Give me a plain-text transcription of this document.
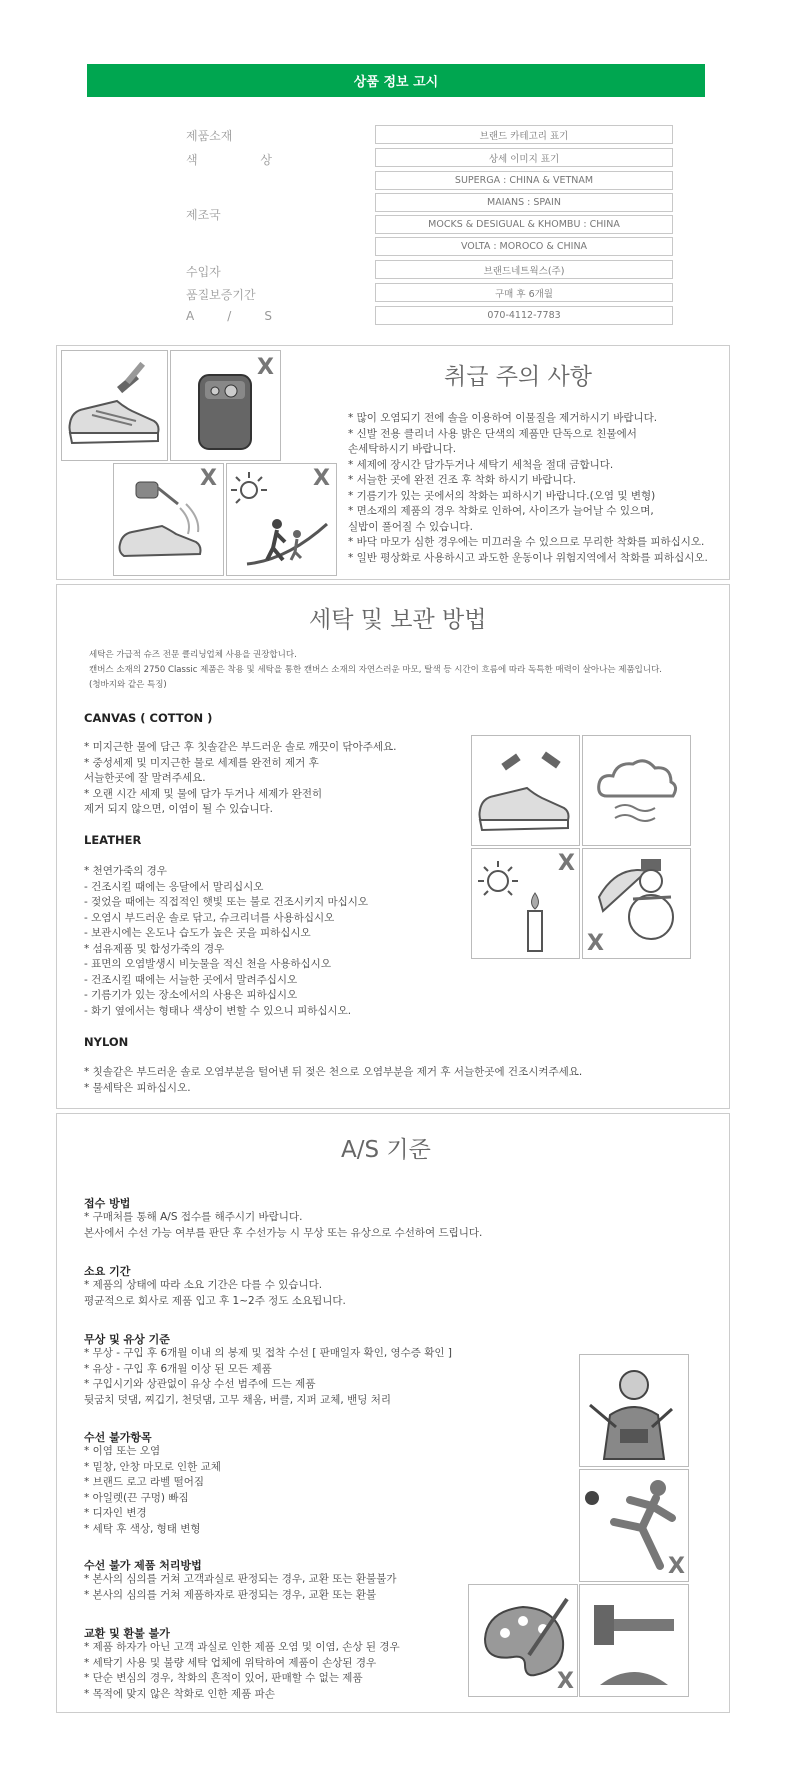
상품 정보 고시
제품소재	브랜드 카테고리 표기
색 상	상세 이미지 표기
제조국
SUPERGA : CHINA & VETNAM
MAIANS : SPAIN
MOCKS & DESIGUAL & KHOMBU : CHINA
VOLTA : MOROCO & CHINA
수입자	브랜드네트웍스(주)
품질보증기간	구매 후 6개월
A / S	070-4112-7783
X
X	X
취급 주의 사항
* 많이 오염되기 전에 솔을 이용하여 이물질을 제거하시기 바랍니다.
* 신발 전용 클리너 사용 밝은 단색의 제품만 단독으로 친물에서
손세탁하시기 바랍니다.
* 세제에 장시간 담가두거나 세탁기 세척을 절대 금합니다.
* 서늘한 곳에 완전 건조 후 착화 하시기 바랍니다.
* 기름기가 있는 곳에서의 착화는 피하시기 바랍니다.(오염 및 변형)
* 면소재의 제품의 경우 착화로 인하여, 사이즈가 늘어날 수 있으며,
실밥이 풀어질 수 있습니다.
* 바닥 마모가 심한 경우에는 미끄러울 수 있으므로 무리한 착화를 피하십시오.
* 일반 평상화로 사용하시고 과도한 운동이나 위험지역에서 착화를 피하십시오.
세탁 및 보관 방법
세탁은 가급적 슈즈 전문 클리닝업체 사용을 권장합니다.
캔버스 소재의 2750 Classic 제품은 착용 및 세탁을 통한 캔버스 소재의 자연스러운 마모, 탈색 등 시간이 흐름에 따라 독특한 매력이 살아나는 제품입니다.
(청바지와 같은 특징)
CANVAS ( COTTON )
* 미지근한 물에 담근 후 칫솔같은 부드러운 솔로 깨끗이 닦아주세요.
* 중성세제 및 미지근한 물로 세제를 완전히 제거 후
서늘한곳에 잘 말려주세요.
* 오랜 시간 세제 및 물에 담가 두거나 세제가 완전히
제거 되지 않으면, 이염이 될 수 있습니다.
LEATHER
* 천연가죽의 경우
- 건조시킬 때에는 응달에서 말리십시오
- 젖었을 때에는 직접적인 햇빛 또는 불로 건조시키지 마십시오
- 오염시 부드러운 솔로 닦고, 슈크리너를 사용하십시오
- 보관시에는 온도나 습도가 높은 곳을 피하십시오
* 섬유제품 및 합성가죽의 경우
- 표면의 오염발생시 비눗물을 적신 천을 사용하십시오
- 건조시킬 때에는 서늘한 곳에서 말려주십시오
- 기름기가 있는 장소에서의 사용은 피하십시오
- 화기 옆에서는 형태나 색상이 변할 수 있으니 피하십시오.
NYLON
* 칫솔같은 부드러운 솔로 오염부분을 털어낸 뒤 젖은 천으로 오염부분을 제거 후 서늘한곳에 건조시켜주세요.
* 물세탁은 피하십시오.
X
X
A/S 기준
접수 방법
* 구매처를 통해 A/S 접수를 해주시기 바랍니다.
본사에서 수선 가능 여부를 판단 후 수선가능 시 무상 또는 유상으로 수선하여 드립니다.
소요 기간
* 제품의 상태에 따라 소요 기간은 다를 수 있습니다.
평균적으로 회사로 제품 입고 후 1~2주 정도 소요됩니다.
무상 및 유상 기준
* 무상 - 구입 후 6개월 이내 의 봉제 및 접착 수선 [ 판매일자 확인, 영수증 확인 ]
* 유상 - 구입 후 6개월 이상 된 모든 제품
* 구입시기와 상관없이 유상 수선 범주에 드는 제품
뒷굼치 덧댐, 찌깁기, 천덧댐, 고무 채움, 버클, 지퍼 교체, 밴딩 처리
수선 불가항목
* 이염 또는 오염
* 밑창, 안창 마모로 인한 교체
* 브랜드 로고 라벨 떨어짐
* 아일렛(끈 구멍) 빠짐
* 디자인 변경
* 세탁 후 색상, 형태 변형
수선 불가 제품 처리방법
* 본사의 심의를 거쳐 고객과실로 판정되는 경우, 교환 또는 환불불가
* 본사의 심의를 거쳐 제품하자로 판정되는 경우, 교환 또는 환불
교환 및 환불 불가
* 제품 하자가 아닌 고객 과실로 인한 제품 오염 및 이염, 손상 된 경우
* 세탁기 사용 및 불량 세탁 업체에 위탁하여 제품이 손상된 경우
* 단순 변심의 경우, 착화의 흔적이 있어, 판매할 수 없는 제품
* 목적에 맞지 않은 착화로 인한 제품 파손
X
X
